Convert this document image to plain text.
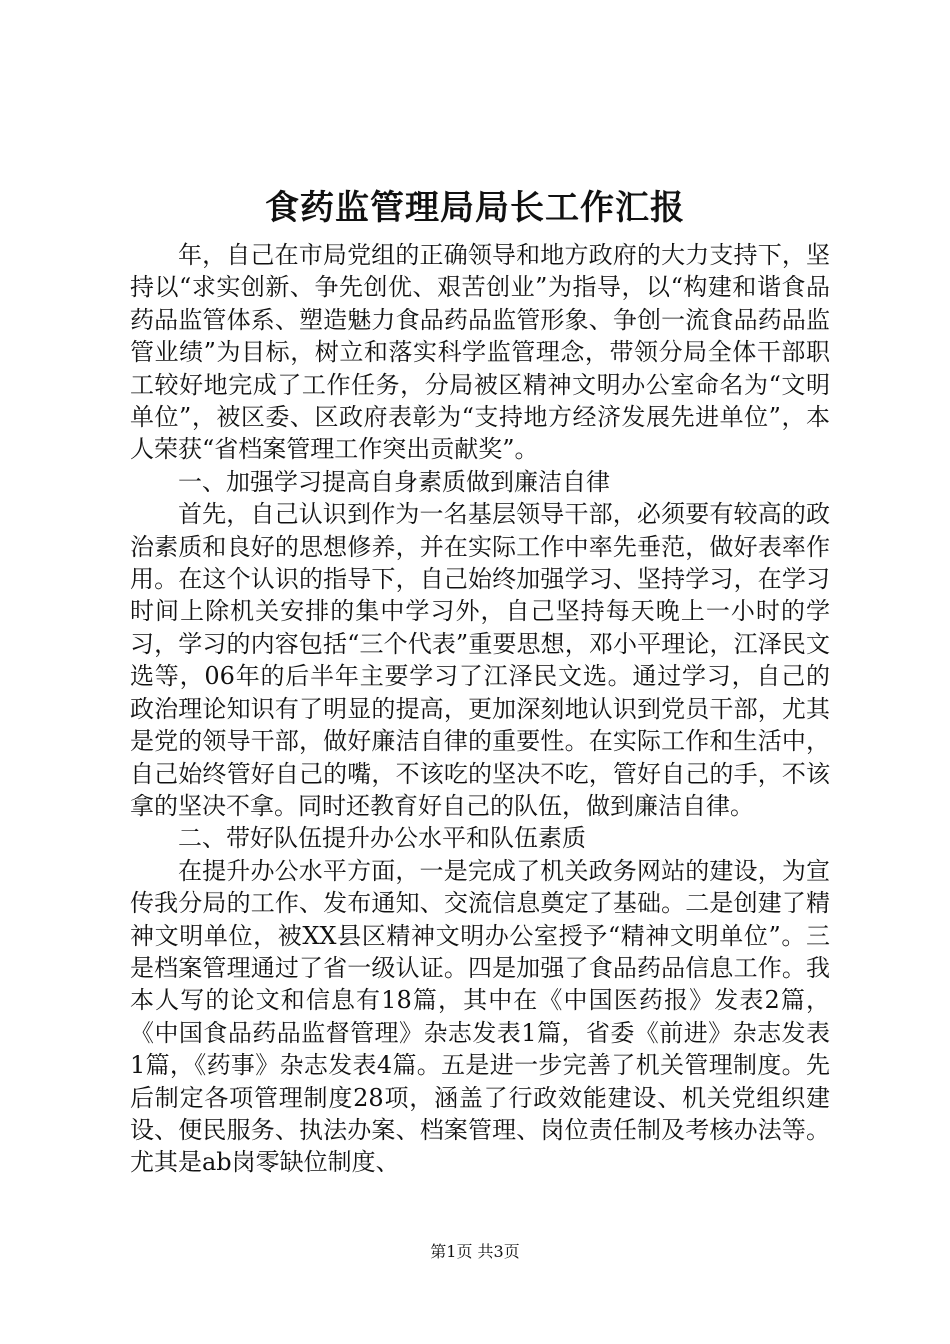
食药监管理局局长工作汇报

年，自己在市局党组的正确领导和地方政府的大力支持下，坚持以“求实创新、争先创优、艰苦创业”为指导，以“构建和谐食品药品监管体系、塑造魅力食品药品监管形象、争创一流食品药品监管业绩”为目标，树立和落实科学监管理念，带领分局全体干部职工较好地完成了工作任务，分局被区精神文明办公室命名为“文明单位”，被区委、区政府表彰为“支持地方经济发展先进单位”，本人荣获“省档案管理工作突出贡献奖”。

一、加强学习提高自身素质做到廉洁自律

首先，自己认识到作为一名基层领导干部，必须要有较高的政治素质和良好的思想修养，并在实际工作中率先垂范，做好表率作用。在这个认识的指导下，自己始终加强学习、坚持学习，在学习时间上除机关安排的集中学习外，自己坚持每天晚上一小时的学习，学习的内容包括“三个代表”重要思想，邓小平理论，江泽民文选等，06年的后半年主要学习了江泽民文选。通过学习，自己的政治理论知识有了明显的提高，更加深刻地认识到党员干部，尤其是党的领导干部，做好廉洁自律的重要性。在实际工作和生活中，自己始终管好自己的嘴，不该吃的坚决不吃，管好自己的手，不该拿的坚决不拿。同时还教育好自己的队伍，做到廉洁自律。

二、带好队伍提升办公水平和队伍素质

在提升办公水平方面，一是完成了机关政务网站的建设，为宣传我分局的工作、发布通知、交流信息奠定了基础。二是创建了精神文明单位，被XX县区精神文明办公室授予“精神文明单位”。三是档案管理通过了省一级认证。四是加强了食品药品信息工作。我本人写的论文和信息有18篇，其中在《中国医药报》发表2篇，《中国食品药品监督管理》杂志发表1篇，省委《前进》杂志发表1篇，《药事》杂志发表4篇。五是进一步完善了机关管理制度。先后制定各项管理制度28项，涵盖了行政效能建设、机关党组织建设、便民服务、执法办案、档案管理、岗位责任制及考核办法等。尤其是ab岗零缺位制度、

第1页 共3页
